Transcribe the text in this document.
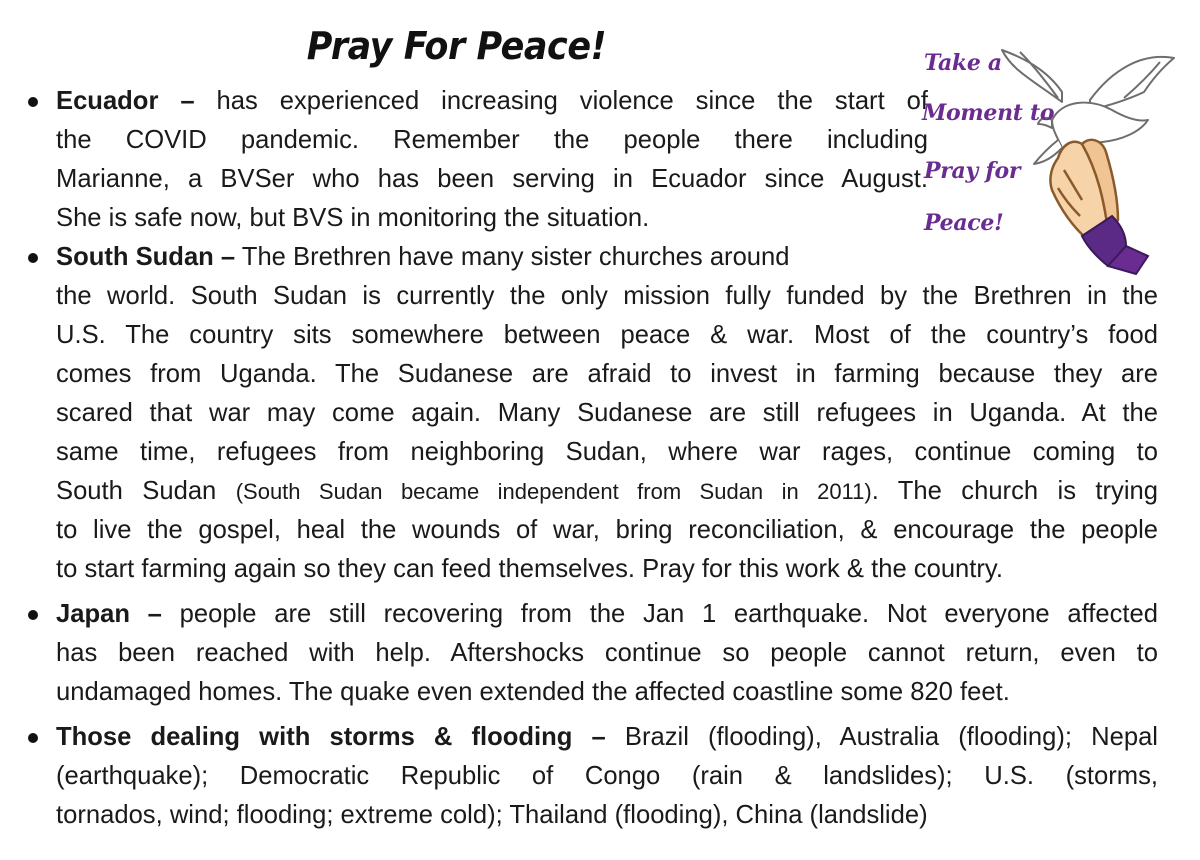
Pray For Peace!	Take a
Moment to
Pray for
Peace!
Ecuador – has experienced increasing violence since the start of
the COVID pandemic. Remember the people there including
Marianne, a BVSer who has been serving in Ecuador since August.
She is safe now, but BVS in monitoring the situation.
South Sudan – The Brethren have many sister churches around
the world. South Sudan is currently the only mission fully funded by the Brethren in the
U.S. The country sits somewhere between peace & war. Most of the country’s food
comes from Uganda. The Sudanese are afraid to invest in farming because they are
scared that war may come again. Many Sudanese are still refugees in Uganda. At the
same time, refugees from neighboring Sudan, where war rages, continue coming to
South Sudan (South Sudan became independent from Sudan in 2011). The church is trying
to live the gospel, heal the wounds of war, bring reconciliation, & encourage the people
to start farming again so they can feed themselves. Pray for this work & the country.
Japan – people are still recovering from the Jan 1 earthquake. Not everyone affected
has been reached with help. Aftershocks continue so people cannot return, even to
undamaged homes. The quake even extended the affected coastline some 820 feet.
Those dealing with storms & flooding – Brazil (flooding), Australia (flooding); Nepal
(earthquake); Democratic Republic of Congo (rain & landslides); U.S. (storms,
tornados, wind; flooding; extreme cold); Thailand (flooding), China (landslide)
